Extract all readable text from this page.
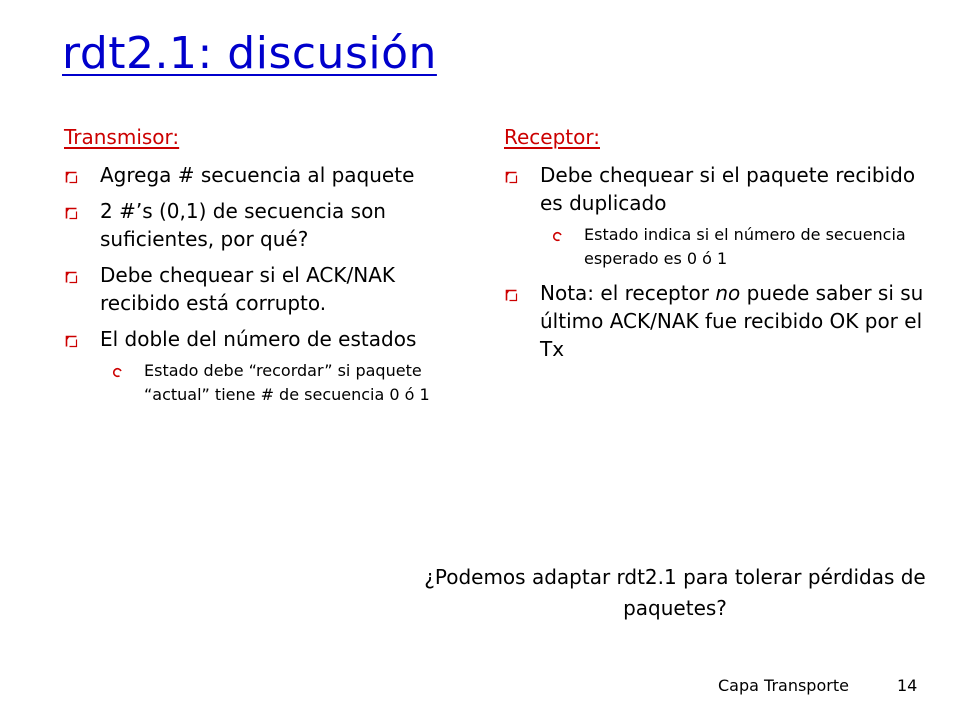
rdt2.1: discusión
Transmisor:
Agrega # secuencia al paquete
2 #’s (0,1) de secuencia son suficientes, por qué?
Debe chequear si el ACK/NAK recibido está corrupto.
El doble del número de estados
Estado debe “recordar” si paquete “actual” tiene # de secuencia 0 ó 1
Receptor:
Debe chequear si el paquete recibido es duplicado
Estado indica si el número de secuencia esperado es 0 ó 1
Nota: el receptor no puede saber si su último ACK/NAK fue recibido OK por el Tx
¿Podemos adaptar rdt2.1 para tolerar pérdidas de paquetes?
Capa Transporte	14
